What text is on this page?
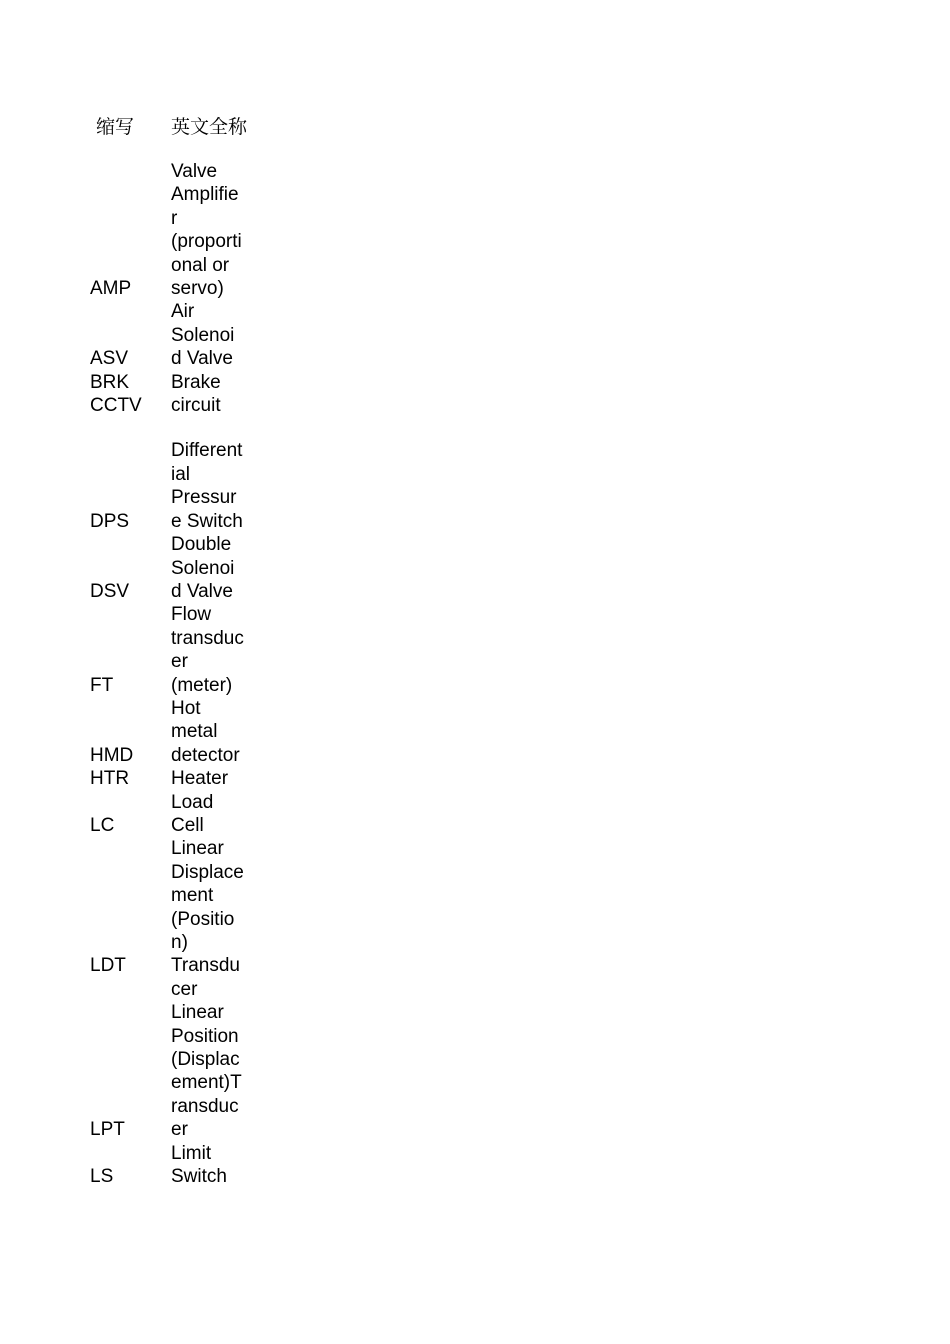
缩写 英文全称
AMP
Valve
Amplifie
r
(proporti
onal or
servo)
ASV
Air
Solenoi
d Valve
BRK Brake
CCTV circuit
DPS
Different
ial
Pressur
e Switch
DSV
Double
Solenoi
d Valve
FT
Flow
transduc
er
(meter)
HMD
Hot
metal
detector
HTR Heater
LC
Load
Cell
LDT
Linear
Displace
ment
(Positio
n)
Transdu
cer
LPT
Linear
Position
(Displac
ement)T
ransduc
er
LS
Limit
Switch
